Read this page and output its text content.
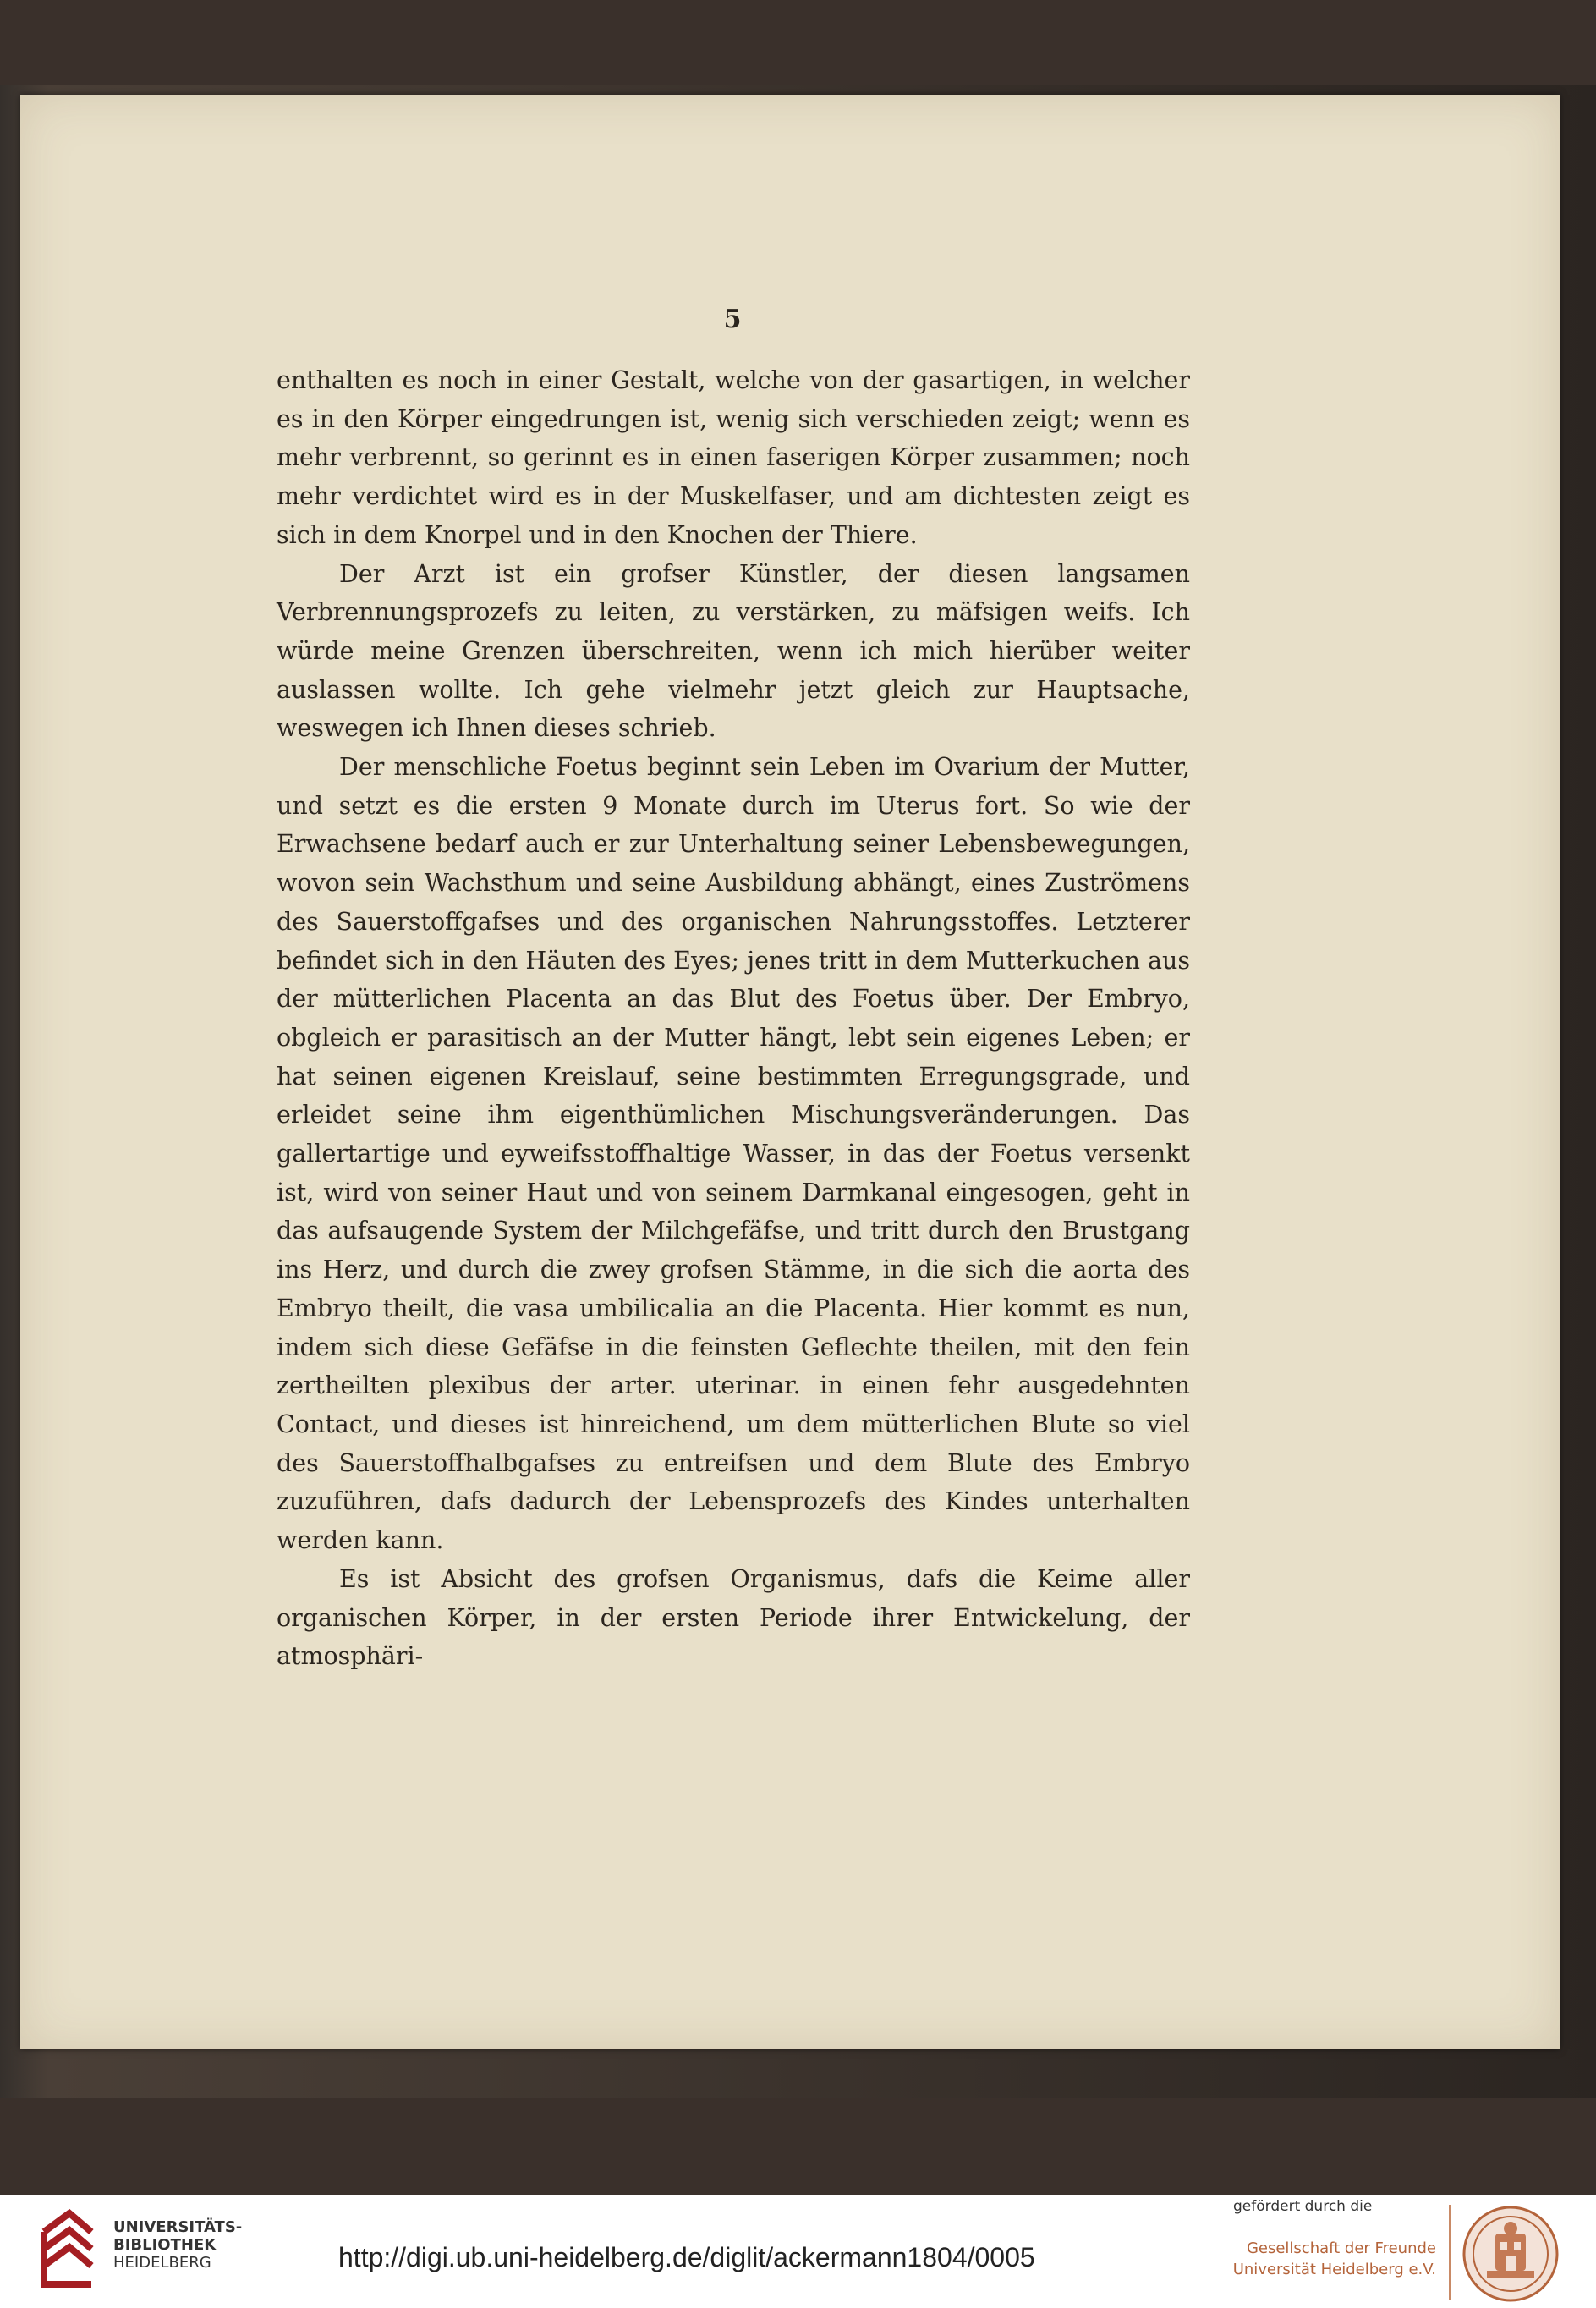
5

enthalten es noch in einer Gestalt, welche von der gasartigen, in welcher es in den Körper eingedrungen ist, wenig sich verschieden zeigt; wenn es mehr verbrennt, so gerinnt es in einen faserigen Körper zusammen; noch mehr verdichtet wird es in der Muskelfaser, und am dichtesten zeigt es sich in dem Knorpel und in den Knochen der Thiere.

Der Arzt ist ein grofser Künstler, der diesen langsamen Verbrennungsprozefs zu leiten, zu verstärken, zu mäfsigen weifs. Ich würde meine Grenzen überschreiten, wenn ich mich hierüber weiter auslassen wollte. Ich gehe vielmehr jetzt gleich zur Hauptsache, weswegen ich Ihnen dieses schrieb.

Der menschliche Foetus beginnt sein Leben im Ovarium der Mutter, und setzt es die ersten 9 Monate durch im Uterus fort. So wie der Erwachsene bedarf auch er zur Unterhaltung seiner Lebensbewegungen, wovon sein Wachsthum und seine Ausbildung abhängt, eines Zuströmens des Sauerstoffgafses und des organischen Nahrungsstoffes. Letzterer befindet sich in den Häuten des Eyes; jenes tritt in dem Mutterkuchen aus der mütterlichen Placenta an das Blut des Foetus über. Der Embryo, obgleich er parasitisch an der Mutter hängt, lebt sein eigenes Leben; er hat seinen eigenen Kreislauf, seine bestimmten Erregungsgrade, und erleidet seine ihm eigenthümlichen Mischungsveränderungen. Das gallertartige und eyweifsstoffhaltige Wasser, in das der Foetus versenkt ist, wird von seiner Haut und von seinem Darmkanal eingesogen, geht in das aufsaugende System der Milchgefäfse, und tritt durch den Brustgang ins Herz, und durch die zwey grofsen Stämme, in die sich die aorta des Embryo theilt, die vasa umbilicalia an die Placenta. Hier kommt es nun, indem sich diese Gefäfse in die feinsten Geflechte theilen, mit den fein zertheilten plexibus der arter. uterinar. in einen fehr ausgedehnten Contact, und dieses ist hinreichend, um dem mütterlichen Blute so viel des Sauerstoffhalbgafses zu entreifsen und dem Blute des Embryo zuzuführen, dafs dadurch der Lebensprozefs des Kindes unterhalten werden kann.

Es ist Absicht des grofsen Organismus, dafs die Keime aller organischen Körper, in der ersten Periode ihrer Entwickelung, der atmosphäri-

UNIVERSITÄTS-
BIBLIOTHEK
HEIDELBERG	http://digi.ub.uni-heidelberg.de/diglit/ackermann1804/0005
gefördert durch die
Gesellschaft der Freunde
Universität Heidelberg e.V.
